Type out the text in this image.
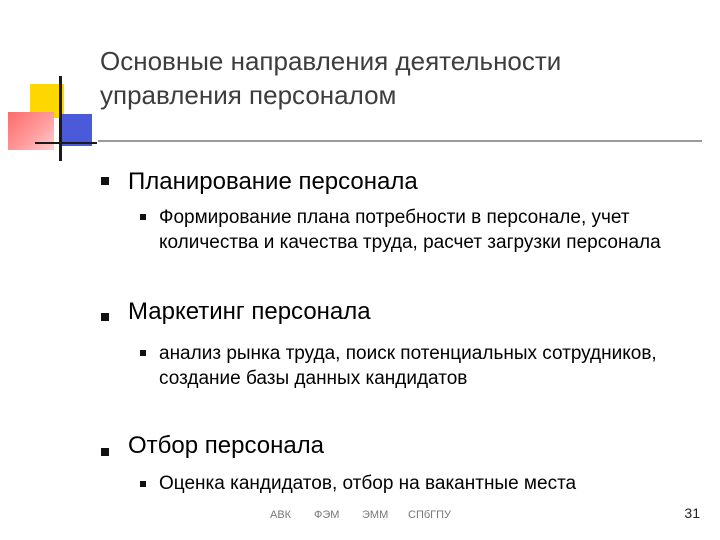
Основные направления деятельности управления персоналом
Планирование персонала
Формирование плана потребности в персонале, учет количества и качества труда, расчет загрузки персонала
Маркетинг персонала
анализ рынка труда, поиск потенциальных сотрудников, создание базы данных кандидатов
Отбор персонала
Оценка кандидатов, отбор на вакантные места
АВК ФЭМ ЭММ СПбГПУ	31
